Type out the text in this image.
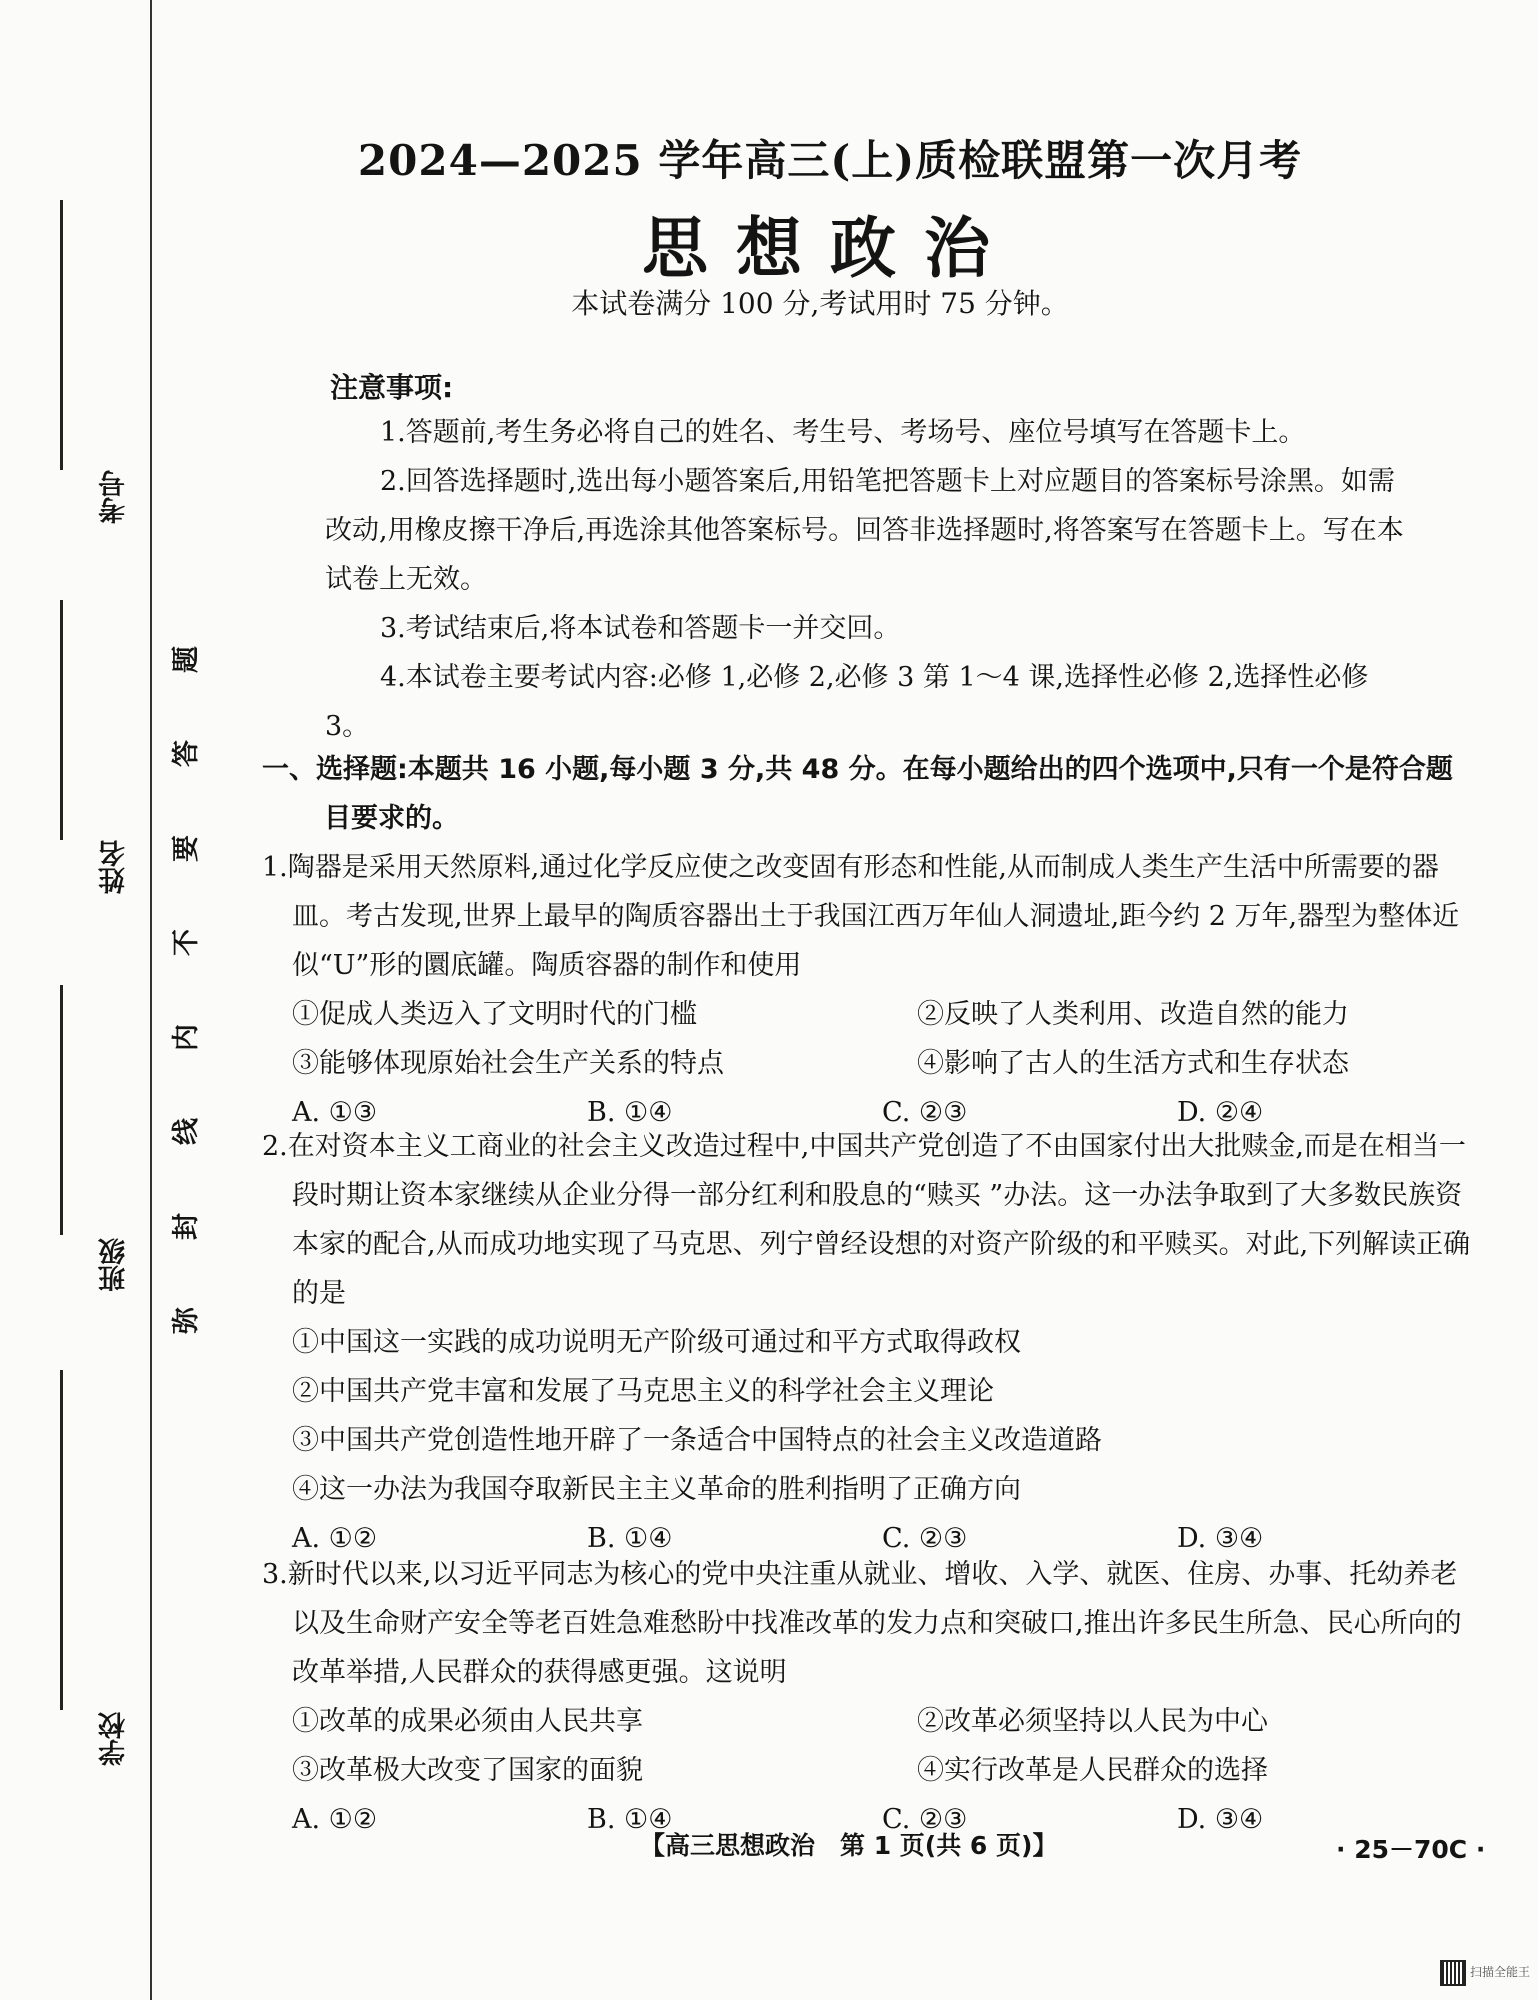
考号
姓名
班级
学校
题
答
要
不
内
线
封
弥
2024—2025 学年高三(上)质检联盟第一次月考
思想政治
本试卷满分 100 分,考试用时 75 分钟。
注意事项:
1.答题前,考生务必将自己的姓名、考生号、考场号、座位号填写在答题卡上。
2.回答选择题时,选出每小题答案后,用铅笔把答题卡上对应题目的答案标号涂黑。如需改动,用橡皮擦干净后,再选涂其他答案标号。回答非选择题时,将答案写在答题卡上。写在本试卷上无效。
3.考试结束后,将本试卷和答题卡一并交回。
4.本试卷主要考试内容:必修 1,必修 2,必修 3 第 1～4 课,选择性必修 2,选择性必修 3。
一、选择题:本题共 16 小题,每小题 3 分,共 48 分。在每小题给出的四个选项中,只有一个是符合题目要求的。
1.陶器是采用天然原料,通过化学反应使之改变固有形态和性能,从而制成人类生产生活中所需要的器皿。考古发现,世界上最早的陶质容器出土于我国江西万年仙人洞遗址,距今约 2 万年,器型为整体近似“U”形的圜底罐。陶质容器的制作和使用
①促成人类迈入了文明时代的门槛	②反映了人类利用、改造自然的能力
③能够体现原始社会生产关系的特点	④影响了古人的生活方式和生存状态
A. ①③	B. ①④	C. ②③	D. ②④
2.在对资本主义工商业的社会主义改造过程中,中国共产党创造了不由国家付出大批赎金,而是在相当一段时期让资本家继续从企业分得一部分红利和股息的“赎买 ”办法。这一办法争取到了大多数民族资本家的配合,从而成功地实现了马克思、列宁曾经设想的对资产阶级的和平赎买。对此,下列解读正确的是
①中国这一实践的成功说明无产阶级可通过和平方式取得政权
②中国共产党丰富和发展了马克思主义的科学社会主义理论
③中国共产党创造性地开辟了一条适合中国特点的社会主义改造道路
④这一办法为我国夺取新民主主义革命的胜利指明了正确方向
A. ①②	B. ①④	C. ②③	D. ③④
3.新时代以来,以习近平同志为核心的党中央注重从就业、增收、入学、就医、住房、办事、托幼养老以及生命财产安全等老百姓急难愁盼中找准改革的发力点和突破口,推出许多民生所急、民心所向的改革举措,人民群众的获得感更强。这说明
①改革的成果必须由人民共享	②改革必须坚持以人民为中心
③改革极大改变了国家的面貌	④实行改革是人民群众的选择
A. ①②	B. ①④	C. ②③	D. ③④
【高三思想政治　第 1 页(共 6 页)】	· 25－70C ·
扫描全能王
